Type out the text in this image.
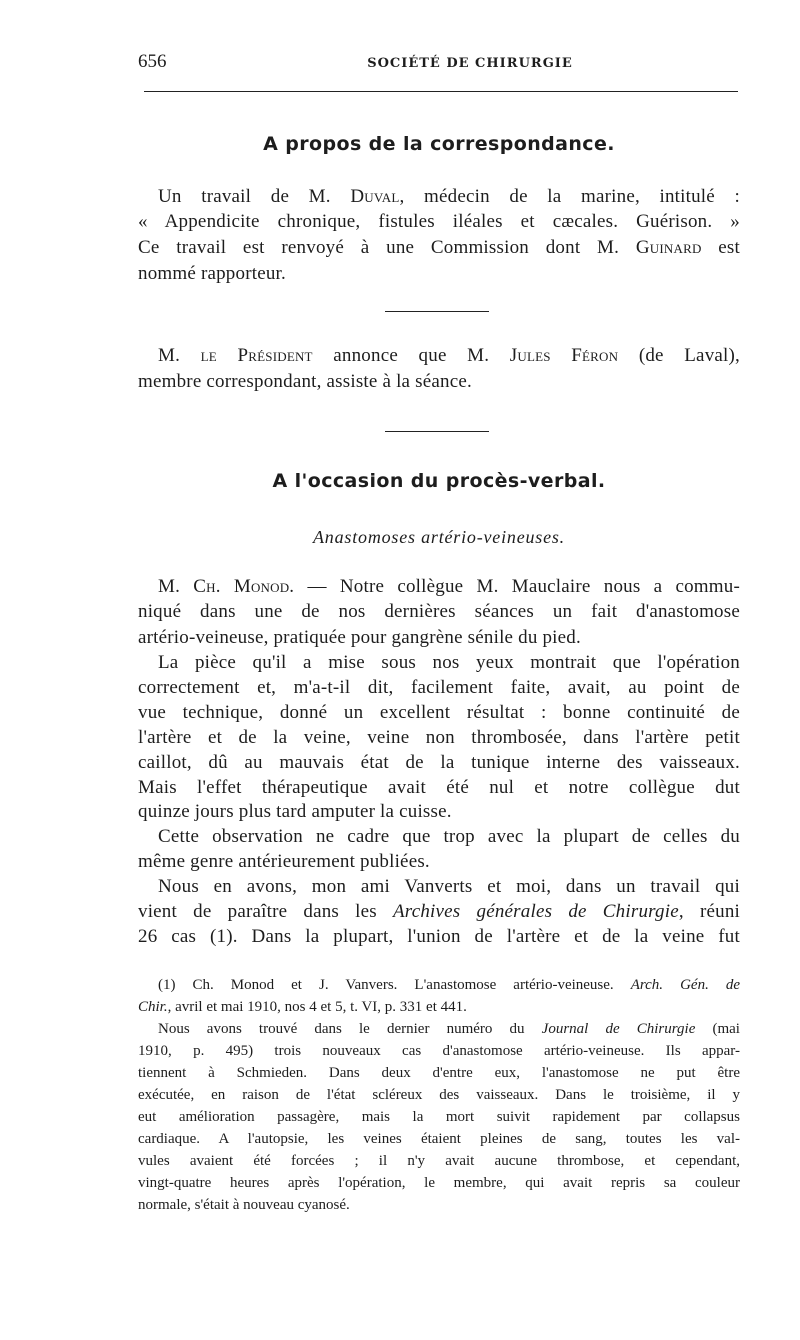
656	SOCIÉTÉ DE CHIRURGIE
A propos de la correspondance.
Un travail de M. Duval, médecin de la marine, intitulé :
« Appendicite chronique, fistules iléales et cæcales. Guérison. »
Ce travail est renvoyé à une Commission dont M. Guinard est
nommé rapporteur.
M. le Président annonce que M. Jules Féron (de Laval),
membre correspondant, assiste à la séance.
A l'occasion du procès-verbal.
Anastomoses artério-veineuses.
M. Ch. Monod. — Notre collègue M. Mauclaire nous a commu-
niqué dans une de nos dernières séances un fait d'anastomose
artério-veineuse, pratiquée pour gangrène sénile du pied.
La pièce qu'il a mise sous nos yeux montrait que l'opération
correctement et, m'a-t-il dit, facilement faite, avait, au point de
vue technique, donné un excellent résultat : bonne continuité de
l'artère et de la veine, veine non thrombosée, dans l'artère petit
caillot, dû au mauvais état de la tunique interne des vaisseaux.
Mais l'effet thérapeutique avait été nul et notre collègue dut
quinze jours plus tard amputer la cuisse.
Cette observation ne cadre que trop avec la plupart de celles du
même genre antérieurement publiées.
Nous en avons, mon ami Vanverts et moi, dans un travail qui
vient de paraître dans les Archives générales de Chirurgie, réuni
26 cas (1). Dans la plupart, l'union de l'artère et de la veine fut
(1) Ch. Monod et J. Vanvers. L'anastomose artério-veineuse. Arch. Gén. de
Chir., avril et mai 1910, nos 4 et 5, t. VI, p. 331 et 441.
Nous avons trouvé dans le dernier numéro du Journal de Chirurgie (mai
1910, p. 495) trois nouveaux cas d'anastomose artério-veineuse. Ils appar-
tiennent à Schmieden. Dans deux d'entre eux, l'anastomose ne put être
exécutée, en raison de l'état scléreux des vaisseaux. Dans le troisième, il y
eut amélioration passagère, mais la mort suivit rapidement par collapsus
cardiaque. A l'autopsie, les veines étaient pleines de sang, toutes les val-
vules avaient été forcées ; il n'y avait aucune thrombose, et cependant,
vingt-quatre heures après l'opération, le membre, qui avait repris sa couleur
normale, s'était à nouveau cyanosé.
